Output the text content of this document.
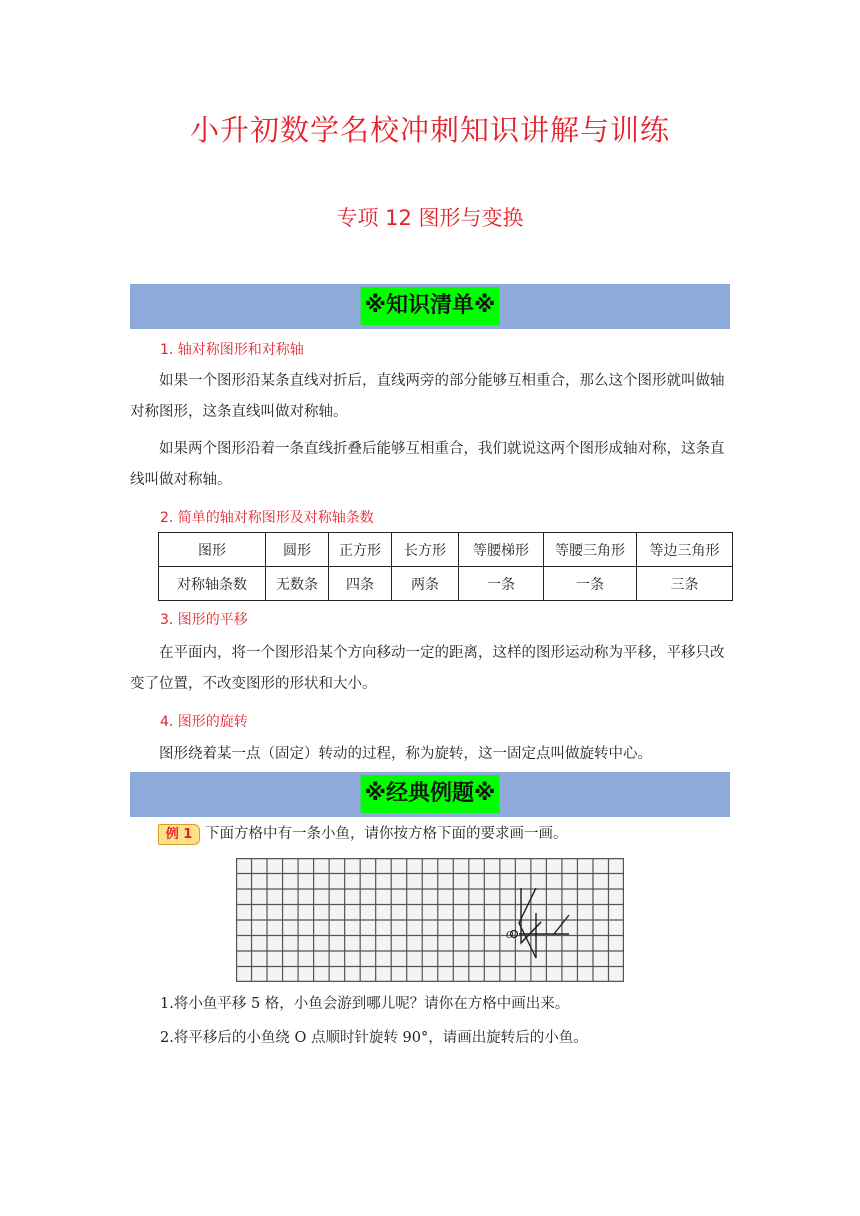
小升初数学名校冲刺知识讲解与训练
专项 12 图形与变换
※知识清单※
1. 轴对称图形和对称轴

如果一个图形沿某条直线对折后，直线两旁的部分能够互相重合，那么这个图形就叫做轴对称图形，这条直线叫做对称轴。

如果两个图形沿着一条直线折叠后能够互相重合，我们就说这两个图形成轴对称，这条直线叫做对称轴。

2. 简单的轴对称图形及对称轴条数
图形	圆形	正方形	长方形	等腰梯形	等腰三角形	等边三角形
对称轴条数	无数条	四条	两条	一条	一条	三条
3. 图形的平移

在平面内，将一个图形沿某个方向移动一定的距离，这样的图形运动称为平移，平移只改变了位置，不改变图形的形状和大小。

4. 图形的旋转

图形绕着某一点（固定）转动的过程，称为旋转，这一固定点叫做旋转中心。

※经典例题※
例 1 下面方格中有一条小鱼，请你按方格下面的要求画一画。
O
1.将小鱼平移 5 格，小鱼会游到哪儿呢？请你在方格中画出来。
2.将平移后的小鱼绕 O 点顺时针旋转 90°，请画出旋转后的小鱼。
